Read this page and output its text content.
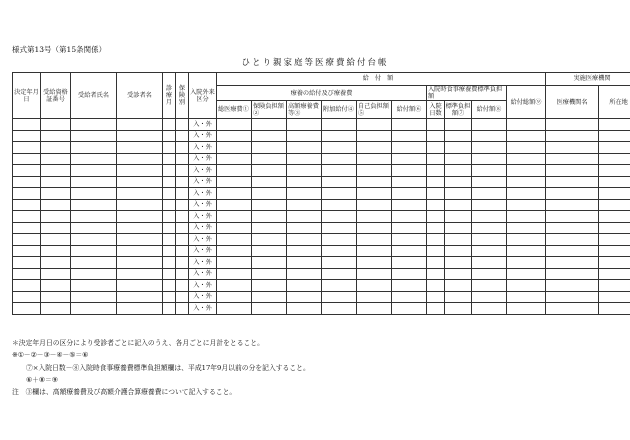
様式第13号（第15条関係）
ひとり親家庭等医療費給付台帳
決定年月日	受給資格証番号	受給者氏名	受診者名	診療月	保険別	入院外来区分	給付額										実施医療機関	
							療養の給付及び療養費						入院時食事療養費標準負担額			給付総額⑨	医療機関名	所在地
							総医療費①	保険負担額②	高額療養費等③	附加給付④	自己負担額⑤	給付額⑥	入院日数	標準負担額⑦	給付額⑧			
						入・外												
						入・外												
						入・外												
						入・外												
						入・外												
						入・外												
						入・外												
						入・外												
						入・外												
						入・外												
						入・外												
						入・外												
						入・外												
						入・外												
						入・外												
						入・外												
						入・外												
＊決定年月日の区分により受診者ごとに記入のうえ、各月ごとに月計をとること。
※①－②－③－④－⑤＝⑥
⑦×入院日数－⑧入院時食事療養費標準負担額欄は、平成17年9月以前の分を記入すること。
⑥＋⑧＝⑨
注　③欄は、高額療養費及び高額介護合算療養費について記入すること。
